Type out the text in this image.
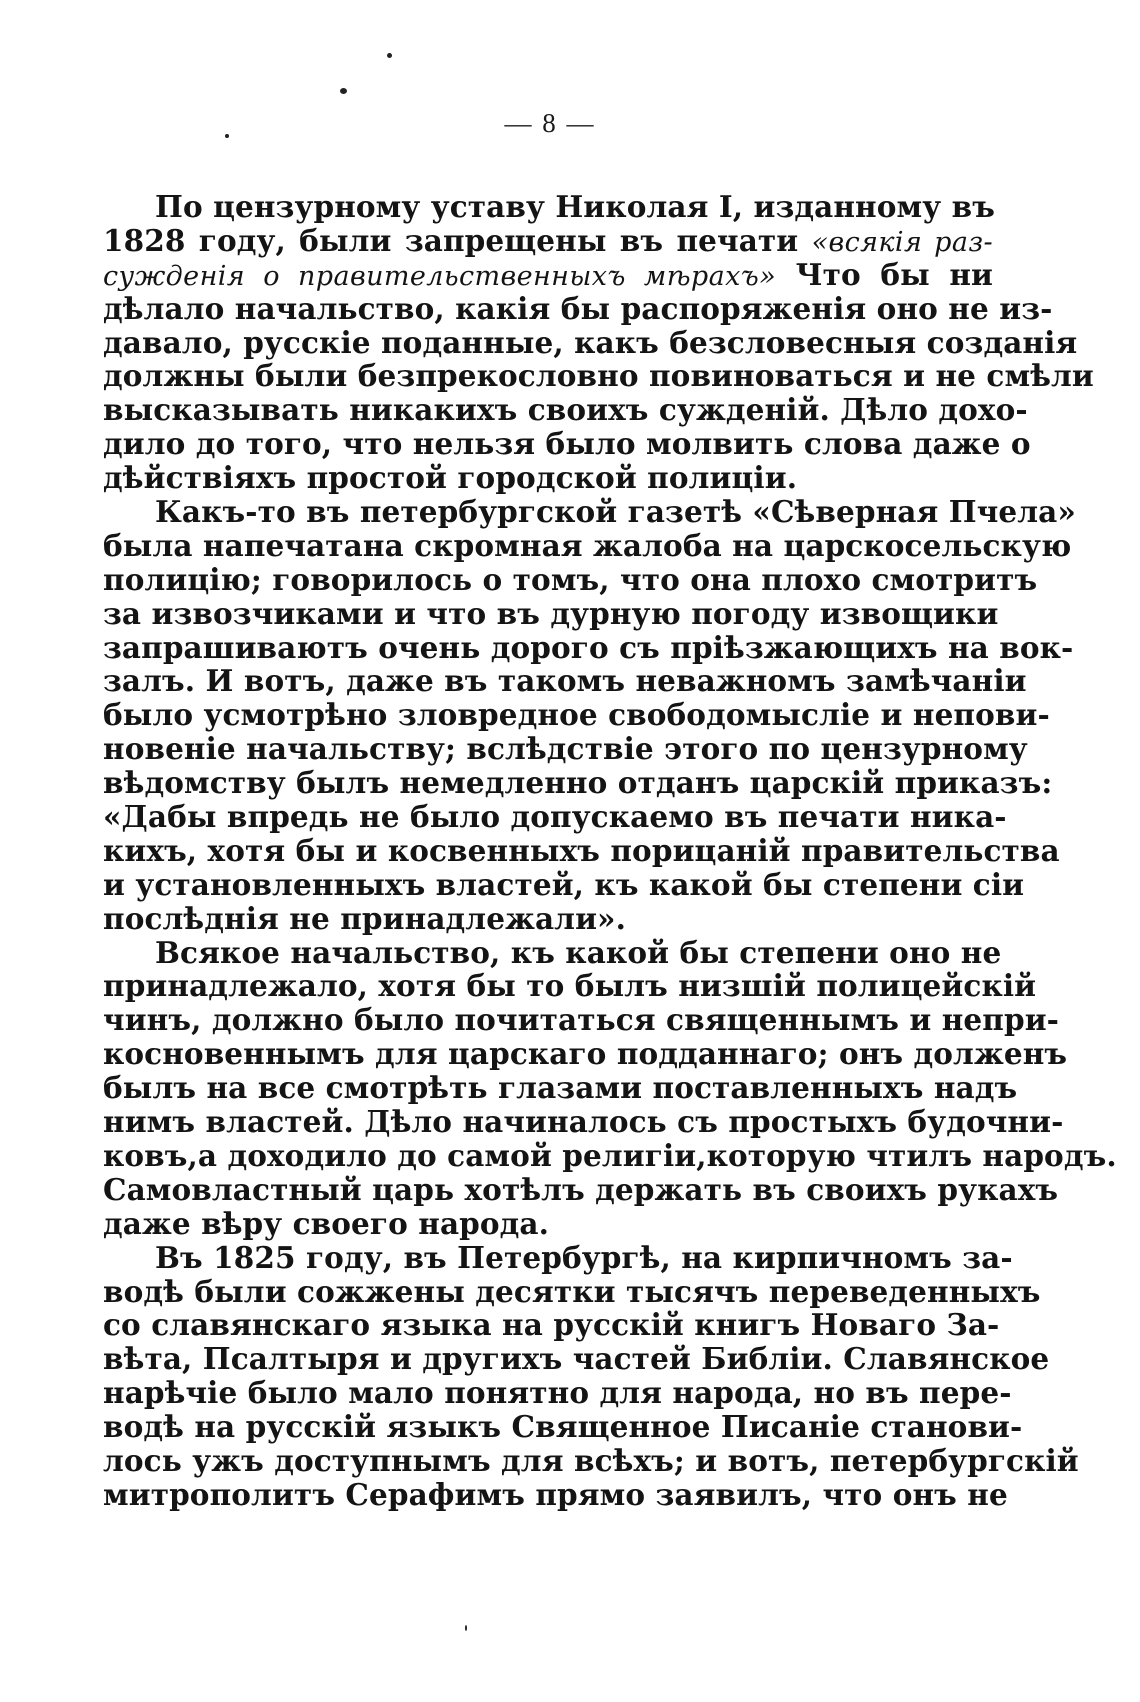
— 8 —
По цензурному уставу Николая I, изданному въ
1828 году, были запрещены въ печати «всякія раз-
сужденія о правительственныхъ мѣрахъ» Что бы ни
дѣлало начальство, какія бы распоряженія оно не из-
давало, русскіе поданные, какъ безсловесныя созданія
должны были безпрекословно повиноваться и не смѣли
высказывать никакихъ своихъ сужденій. Дѣло дохо-
дило до того, что нельзя было молвить слова даже о
дѣйствіяхъ простой городской полиціи.
Какъ-то въ петербургской газетѣ «Сѣверная Пчела»
была напечатана скромная жалоба на царскосельскую
полицію; говорилось о томъ, что она плохо смотритъ
за извозчиками и что въ дурную погоду извощики
запрашиваютъ очень дорого съ пріѣзжающихъ на вок-
залъ. И вотъ, даже въ такомъ неважномъ замѣчаніи
было усмотрѣно зловредное свободомысліе и непови-
новеніе начальству; вслѣдствіе этого по цензурному
вѣдомству былъ немедленно отданъ царскій приказъ:
«Дабы впредь не было допускаемо въ печати ника-
кихъ, хотя бы и косвенныхъ порицаній правительства
и установленныхъ властей, къ какой бы степени сіи
послѣднія не принадлежали».
Всякое начальство, къ какой бы степени оно не
принадлежало, хотя бы то былъ низшій полицейскій
чинъ, должно было почитаться священнымъ и непри-
косновеннымъ для царскаго подданнаго; онъ долженъ
былъ на все смотрѣть глазами поставленныхъ надъ
нимъ властей. Дѣло начиналось съ простыхъ будочни-
ковъ,а доходило до самой религіи,которую чтилъ народъ.
Самовластный царь хотѣлъ держать въ своихъ рукахъ
даже вѣру своего народа.
Въ 1825 году, въ Петербургѣ, на кирпичномъ за-
водѣ были сожжены десятки тысячъ переведенныхъ
со славянскаго языка на русскій книгъ Новаго За-
вѣта, Псалтыря и другихъ частей Библіи. Славянское
нарѣчіе было мало понятно для народа, но въ пере-
водѣ на русскій языкъ Священное Писаніе станови-
лось ужъ доступнымъ для всѣхъ; и вотъ, петербургскій
митрополитъ Серафимъ прямо заявилъ, что онъ не
